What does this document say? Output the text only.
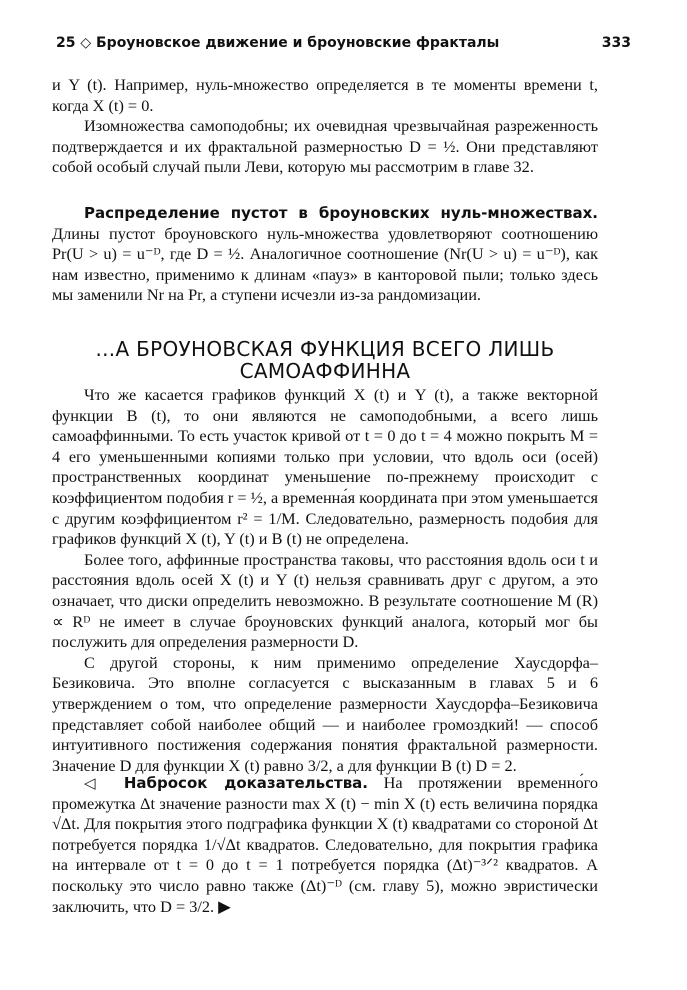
25 ◇ Броуновское движение и броуновские фракталы	333

и Y (t). Например, нуль-множество определяется в те моменты времени t, когда X (t) = 0.

Изомножества самоподобны; их очевидная чрезвычайная разреженность подтверждается и их фрактальной размерностью D = ½. Они представляют собой особый случай пыли Леви, которую мы рассмотрим в главе 32.

Распределение пустот в броуновских нуль-множествах. Длины пустот броуновского нуль-множества удовлетворяют соотношению Pr(U > u) = u⁻ᴰ, где D = ½. Аналогичное соотношение (Nr(U > u) = u⁻ᴰ), как нам известно, применимо к длинам «пауз» в канторовой пыли; только здесь мы заменили Nr на Pr, а ступени исчезли из-за рандомизации.

...А БРОУНОВСКАЯ ФУНКЦИЯ ВСЕГО ЛИШЬ
САМОАФФИННА

Что же касается графиков функций X (t) и Y (t), а также векторной функции B (t), то они являются не самоподобными, а всего лишь самоаффинными. То есть участок кривой от t = 0 до t = 4 можно покрыть M = 4 его уменьшенными копиями только при условии, что вдоль оси (осей) пространственных координат уменьшение по-прежнему происходит с коэффициентом подобия r = ½, а временна́я координата при этом уменьшается с другим коэффициентом r² = 1/M. Следовательно, размерность подобия для графиков функций X (t), Y (t) и B (t) не определена.

Более того, аффинные пространства таковы, что расстояния вдоль оси t и расстояния вдоль осей X (t) и Y (t) нельзя сравнивать друг с другом, а это означает, что диски определить невозможно. В результате соотношение M (R) ∝ Rᴰ не имеет в случае броуновских функций аналога, который мог бы послужить для определения размерности D.

С другой стороны, к ним применимо определение Хаусдорфа–Безиковича. Это вполне согласуется с высказанным в главах 5 и 6 утверждением о том, что определение размерности Хаусдорфа–Безиковича представляет собой наиболее общий — и наиболее громоздкий! — способ интуитивного постижения содержания понятия фрактальной размерности. Значение D для функции X (t) равно 3/2, а для функции B (t) D = 2.

◁ Набросок доказательства. На протяжении временно́го промежутка Δt значение разности max X (t) − min X (t) есть величина порядка √Δt. Для покрытия этого подграфика функции X (t) квадратами со стороной Δt потребуется порядка 1/√Δt квадратов. Следовательно, для покрытия графика на интервале от t = 0 до t = 1 потребуется порядка (Δt)⁻³ᐟ² квадратов. А поскольку это число равно также (Δt)⁻ᴰ (см. главу 5), можно эвристически заключить, что D = 3/2. ▶
